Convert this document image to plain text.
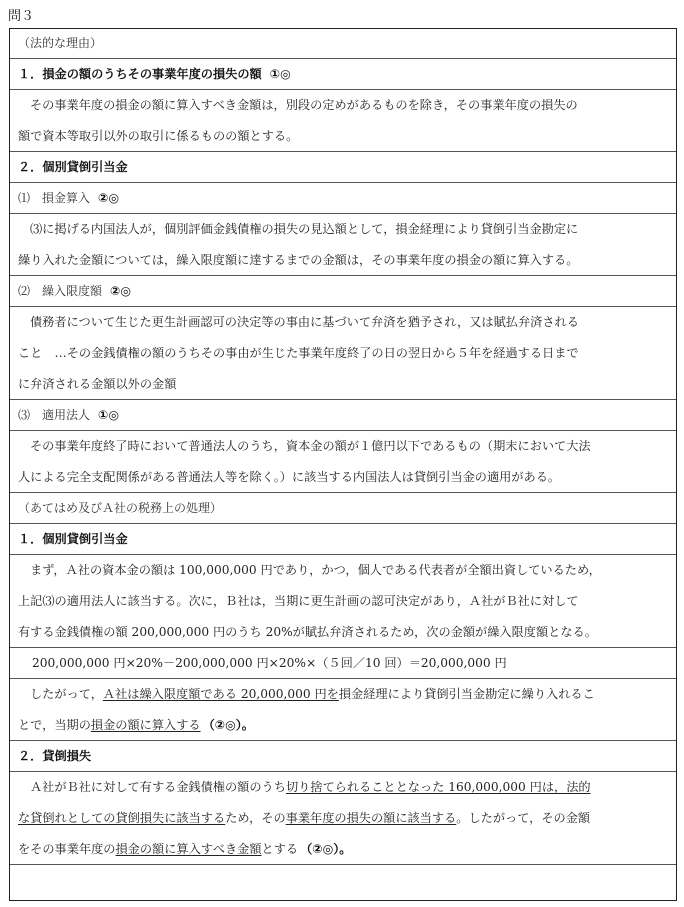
問３
（法的な理由）
１．損金の額のうちその事業年度の損失の額 ①◎
その事業年度の損金の額に算入すべき金額は，別段の定めがあるものを除き，その事業年度の損失の
額で資本等取引以外の取引に係るものの額とする。
２．個別貸倒引当金
⑴　損金算入 ②◎
⑶に掲げる内国法人が，個別評価金銭債権の損失の見込額として，損金経理により貸倒引当金勘定に
繰り入れた金額については，繰入限度額に達するまでの金額は，その事業年度の損金の額に算入する。
⑵　繰入限度額 ②◎
債務者について生じた更生計画認可の決定等の事由に基づいて弁済を猶予され，又は賦払弁済される
こと　…その金銭債権の額のうちその事由が生じた事業年度終了の日の翌日から５年を経過する日まで
に弁済される金額以外の金額
⑶　適用法人 ①◎
その事業年度終了時において普通法人のうち，資本金の額が１億円以下であるもの（期末において大法
人による完全支配関係がある普通法人等を除く。）に該当する内国法人は貸倒引当金の適用がある。
（あてはめ及びＡ社の税務上の処理）
１．個別貸倒引当金
まず，Ａ社の資本金の額は 100,000,000 円であり，かつ，個人である代表者が全額出資しているため，
上記⑶の適用法人に該当する。次に，Ｂ社は，当期に更生計画の認可決定があり，Ａ社がＢ社に対して
有する金銭債権の額 200,000,000 円のうち 20%が賦払弁済されるため，次の金額が繰入限度額となる。
200,000,000 円×20%－200,000,000 円×20%×（５回／10 回）＝20,000,000 円
したがって，Ａ社は繰入限度額である 20,000,000 円を損金経理により貸倒引当金勘定に繰り入れるこ
とで，当期の損金の額に算入する （②◎）。
２．貸倒損失
Ａ社がＢ社に対して有する金銭債権の額のうち切り捨てられることとなった 160,000,000 円は，法的
な貸倒れとしての貸倒損失に該当するため，その事業年度の損失の額に該当する。したがって，その金額
をその事業年度の損金の額に算入すべき金額とする （②◎）。
